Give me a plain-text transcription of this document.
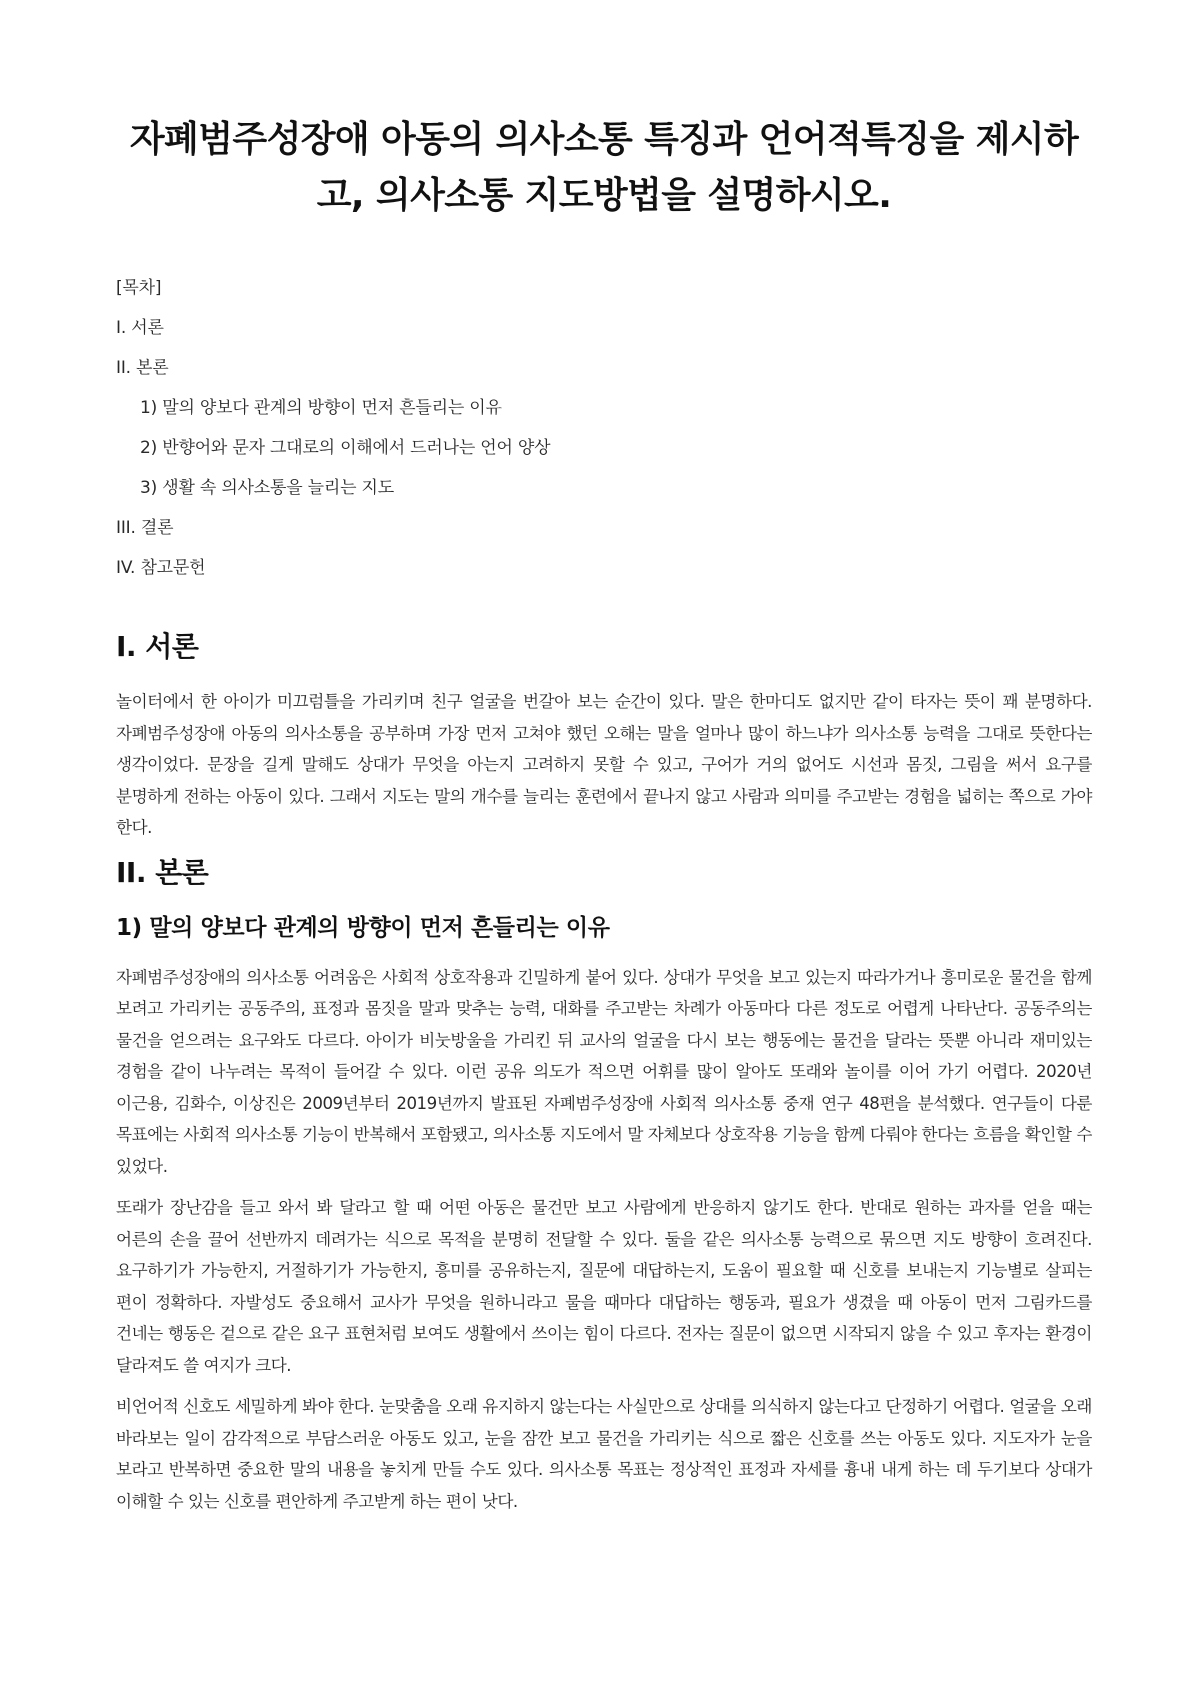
자폐범주성장애 아동의 의사소통 특징과 언어적특징을 제시하고, 의사소통 지도방법을 설명하시오.
[목차]
I. 서론
II. 본론
1) 말의 양보다 관계의 방향이 먼저 흔들리는 이유
2) 반향어와 문자 그대로의 이해에서 드러나는 언어 양상
3) 생활 속 의사소통을 늘리는 지도
III. 결론
IV. 참고문헌
I. 서론

놀이터에서 한 아이가 미끄럼틀을 가리키며 친구 얼굴을 번갈아 보는 순간이 있다. 말은 한마디도 없지만 같이 타자는 뜻이 꽤 분명하다. 자폐범주성장애 아동의 의사소통을 공부하며 가장 먼저 고쳐야 했던 오해는 말을 얼마나 많이 하느냐가 의사소통 능력을 그대로 뜻한다는 생각이었다. 문장을 길게 말해도 상대가 무엇을 아는지 고려하지 못할 수 있고, 구어가 거의 없어도 시선과 몸짓, 그림을 써서 요구를 분명하게 전하는 아동이 있다. 그래서 지도는 말의 개수를 늘리는 훈련에서 끝나지 않고 사람과 의미를 주고받는 경험을 넓히는 쪽으로 가야 한다.

II. 본론
1) 말의 양보다 관계의 방향이 먼저 흔들리는 이유

자폐범주성장애의 의사소통 어려움은 사회적 상호작용과 긴밀하게 붙어 있다. 상대가 무엇을 보고 있는지 따라가거나 흥미로운 물건을 함께 보려고 가리키는 공동주의, 표정과 몸짓을 말과 맞추는 능력, 대화를 주고받는 차례가 아동마다 다른 정도로 어렵게 나타난다. 공동주의는 물건을 얻으려는 요구와도 다르다. 아이가 비눗방울을 가리킨 뒤 교사의 얼굴을 다시 보는 행동에는 물건을 달라는 뜻뿐 아니라 재미있는 경험을 같이 나누려는 목적이 들어갈 수 있다. 이런 공유 의도가 적으면 어휘를 많이 알아도 또래와 놀이를 이어 가기 어렵다. 2020년 이근용, 김화수, 이상진은 2009년부터 2019년까지 발표된 자폐범주성장애 사회적 의사소통 중재 연구 48편을 분석했다. 연구들이 다룬 목표에는 사회적 의사소통 기능이 반복해서 포함됐고, 의사소통 지도에서 말 자체보다 상호작용 기능을 함께 다뤄야 한다는 흐름을 확인할 수 있었다.

또래가 장난감을 들고 와서 봐 달라고 할 때 어떤 아동은 물건만 보고 사람에게 반응하지 않기도 한다. 반대로 원하는 과자를 얻을 때는 어른의 손을 끌어 선반까지 데려가는 식으로 목적을 분명히 전달할 수 있다. 둘을 같은 의사소통 능력으로 묶으면 지도 방향이 흐려진다. 요구하기가 가능한지, 거절하기가 가능한지, 흥미를 공유하는지, 질문에 대답하는지, 도움이 필요할 때 신호를 보내는지 기능별로 살피는 편이 정확하다. 자발성도 중요해서 교사가 무엇을 원하니라고 물을 때마다 대답하는 행동과, 필요가 생겼을 때 아동이 먼저 그림카드를 건네는 행동은 겉으로 같은 요구 표현처럼 보여도 생활에서 쓰이는 힘이 다르다. 전자는 질문이 없으면 시작되지 않을 수 있고 후자는 환경이 달라져도 쓸 여지가 크다.

비언어적 신호도 세밀하게 봐야 한다. 눈맞춤을 오래 유지하지 않는다는 사실만으로 상대를 의식하지 않는다고 단정하기 어렵다. 얼굴을 오래 바라보는 일이 감각적으로 부담스러운 아동도 있고, 눈을 잠깐 보고 물건을 가리키는 식으로 짧은 신호를 쓰는 아동도 있다. 지도자가 눈을 보라고 반복하면 중요한 말의 내용을 놓치게 만들 수도 있다. 의사소통 목표는 정상적인 표정과 자세를 흉내 내게 하는 데 두기보다 상대가 이해할 수 있는 신호를 편안하게 주고받게 하는 편이 낫다.
